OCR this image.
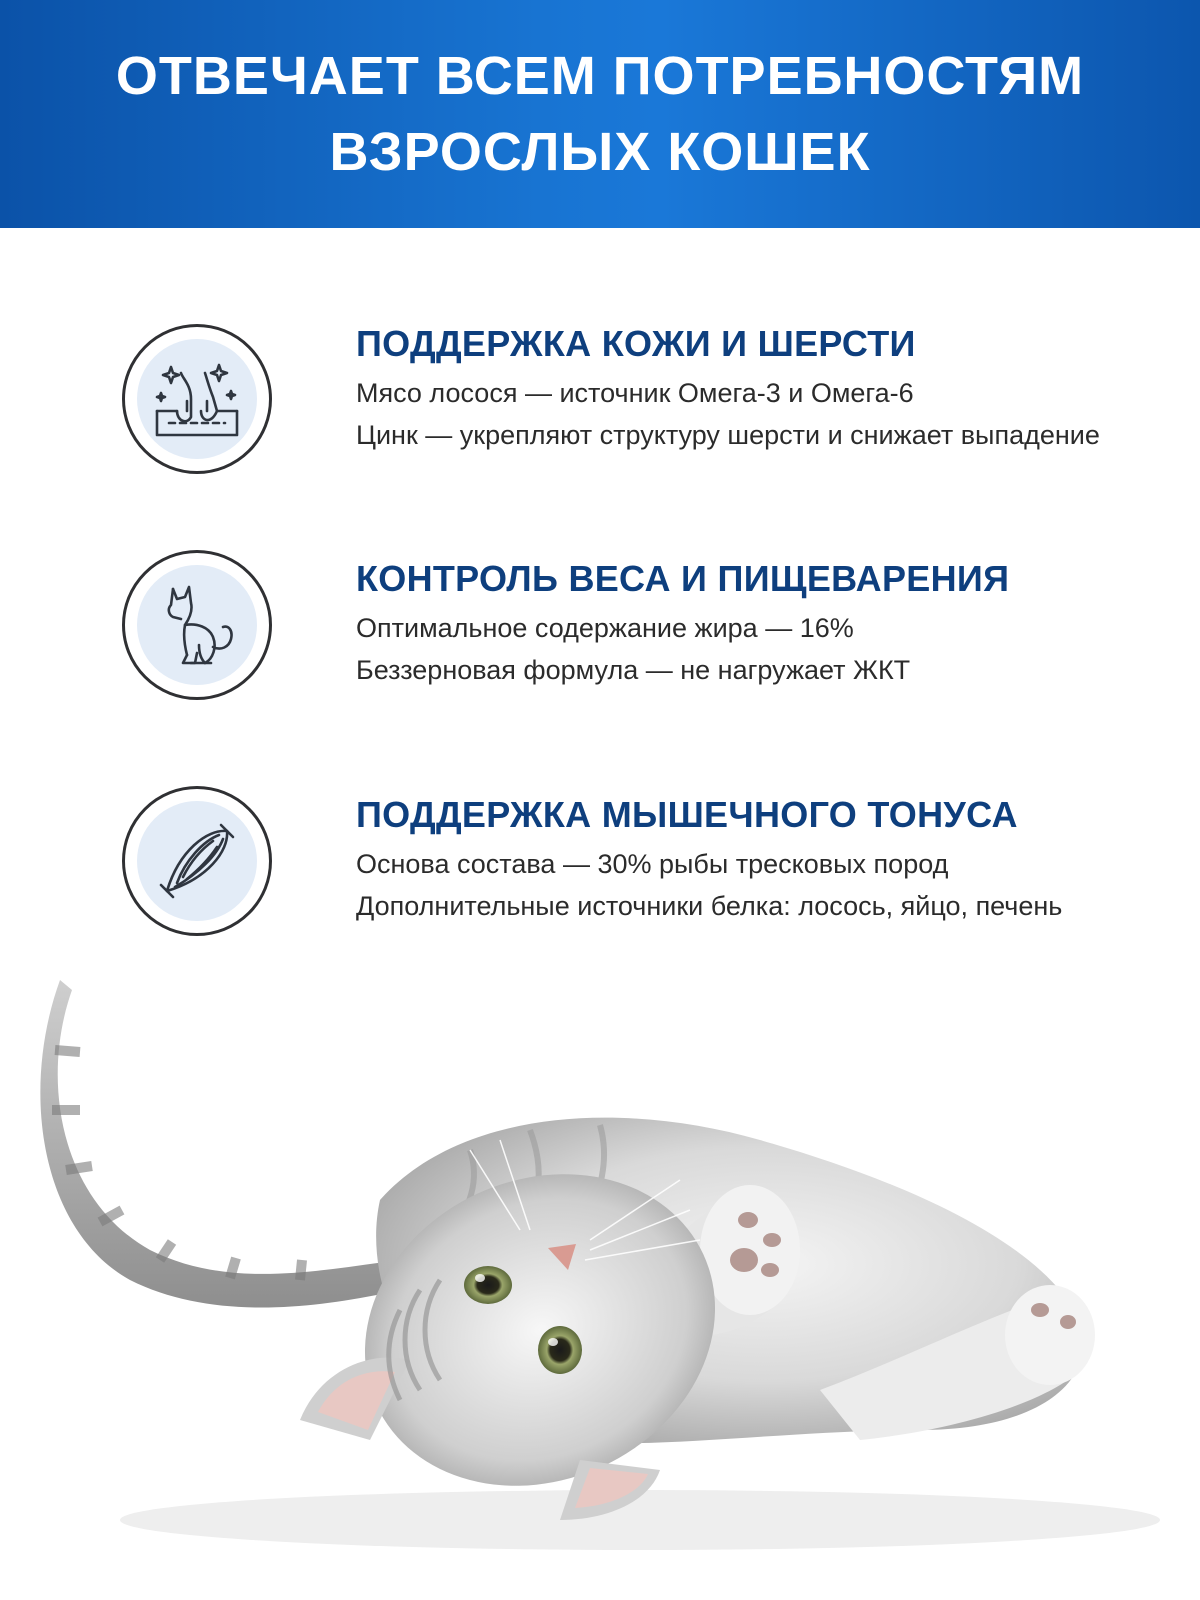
ОТВЕЧАЕТ ВСЕМ ПОТРЕБНОСТЯМ
ВЗРОСЛЫХ КОШЕК
ПОДДЕРЖКА КОЖИ И ШЕРСТИ

Мясо лосося — источник Омега-3 и Омега-6

Цинк — укрепляют структуру шерсти и снижает выпадение

КОНТРОЛЬ ВЕСА И ПИЩЕВАРЕНИЯ

Оптимальное содержание жира — 16%

Беззерновая формула — не нагружает ЖКТ

ПОДДЕРЖКА МЫШЕЧНОГО ТОНУСА

Основа состава — 30% рыбы тресковых пород

Дополнительные источники белка: лосось, яйцо, печень
